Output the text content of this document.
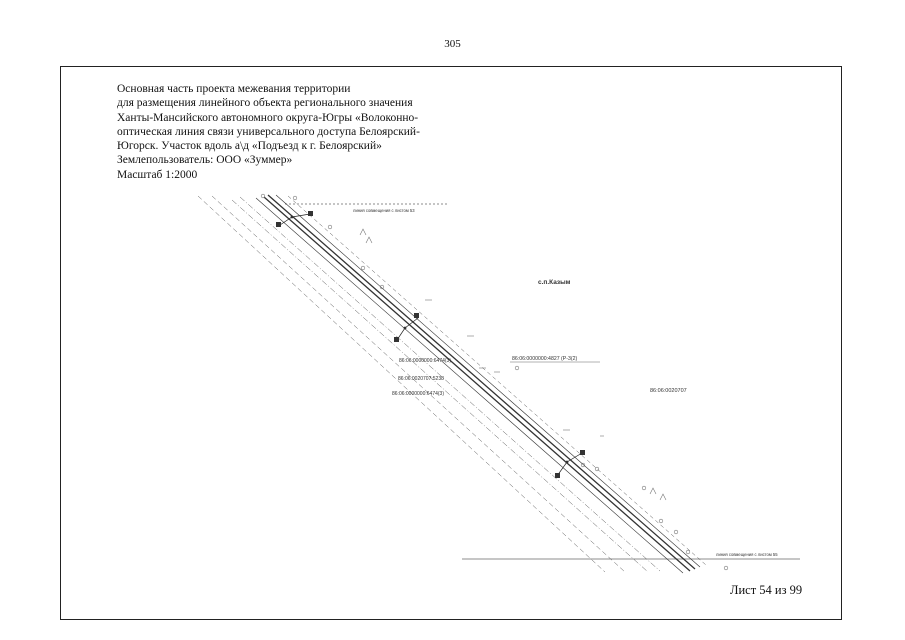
305
Основная часть проекта межевания территории
для размещения линейного объекта регионального значения
Ханты-Мансийского автономного округа-Югры «Волоконно-
оптическая линия связи универсального доступа Белоярский-
Югорск. Участок вдоль а\д «Подъезд к г. Белоярский»
Землепользователь: ООО «Зуммер»
Масштаб 1:2000
линия совмещения с листом 53
линия совмещения с листом 55
с.п.Казым
86:06:0000000:4827 (Р-3(2)
86:06:0020707
86:06:0000000:6474(3)
86:06:0020707:5238
86:06:0000000:6474(3)
Лист 54 из 99
